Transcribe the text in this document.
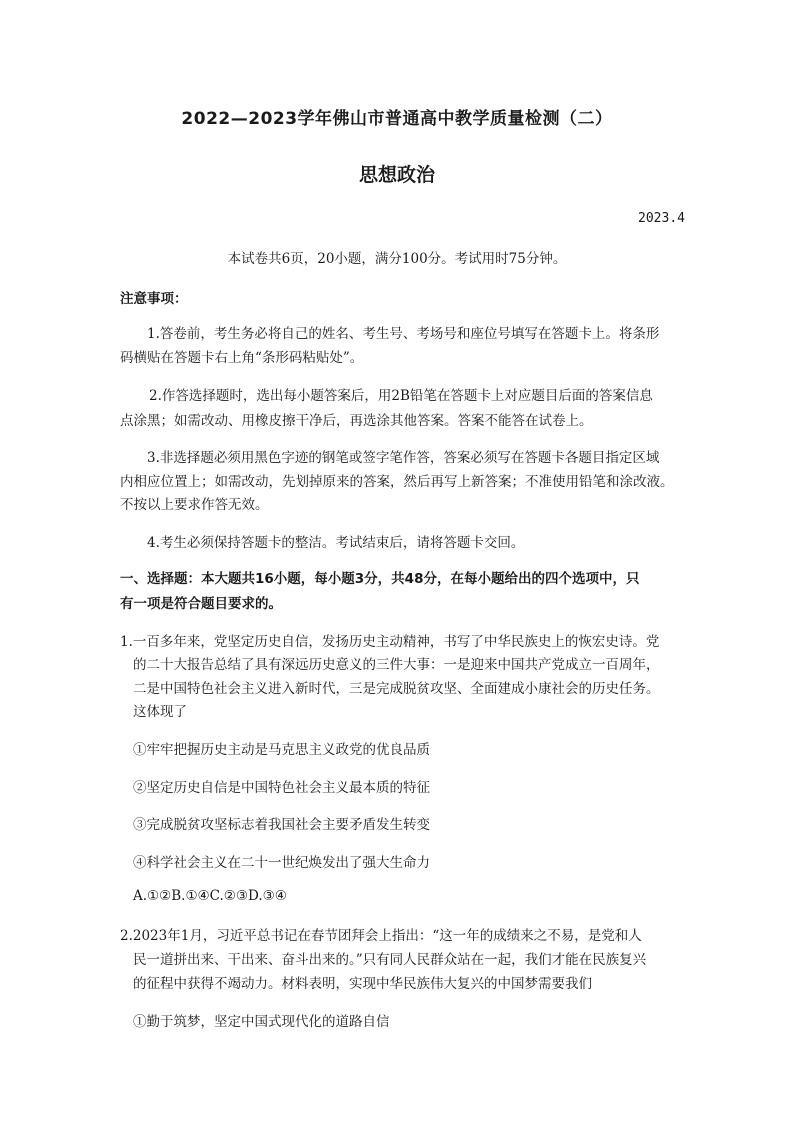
2022—2023学年佛山市普通高中教学质量检测（二）
思想政治
2023.4
本试卷共6页，20小题，满分100分。考试用时75分钟。
注意事项：
1.答卷前，考生务必将自己的姓名、考生号、考场号和座位号填写在答题卡上。将条形
码横贴在答题卡右上角“条形码粘贴处”。
2.作答选择题时，选出每小题答案后，用2B铅笔在答题卡上对应题目后面的答案信息
点涂黑；如需改动、用橡皮擦干净后，再选涂其他答案。答案不能答在试卷上。
3.非选择题必须用黑色字迹的钢笔或签字笔作答，答案必须写在答题卡各题目指定区域
内相应位置上；如需改动，先划掉原来的答案，然后再写上新答案；不准使用铅笔和涂改液。
不按以上要求作答无效。
4.考生必须保持答题卡的整洁。考试结束后，请将答题卡交回。
一、选择题：本大题共16小题，每小题3分，共48分，在每小题给出的四个选项中，只
有一项是符合题目要求的。
1.一百多年来，党坚定历史自信，发扬历史主动精神，书写了中华民族史上的恢宏史诗。党
的二十大报告总结了具有深远历史意义的三件大事：一是迎来中国共产党成立一百周年，
二是中国特色社会主义进入新时代，三是完成脱贫攻坚、全面建成小康社会的历史任务。
这体现了
①牢牢把握历史主动是马克思主义政党的优良品质
②坚定历史自信是中国特色社会主义最本质的特征
③完成脱贫攻坚标志着我国社会主要矛盾发生转变
④科学社会主义在二十一世纪焕发出了强大生命力
A.①②B.①④C.②③D.③④
2.2023年1月，习近平总书记在春节团拜会上指出：“这一年的成绩来之不易，是党和人
民一道拼出来、干出来、奋斗出来的。”只有同人民群众站在一起，我们才能在民族复兴
的征程中获得不竭动力。材料表明，实现中华民族伟大复兴的中国梦需要我们
①勤于筑梦，坚定中国式现代化的道路自信
